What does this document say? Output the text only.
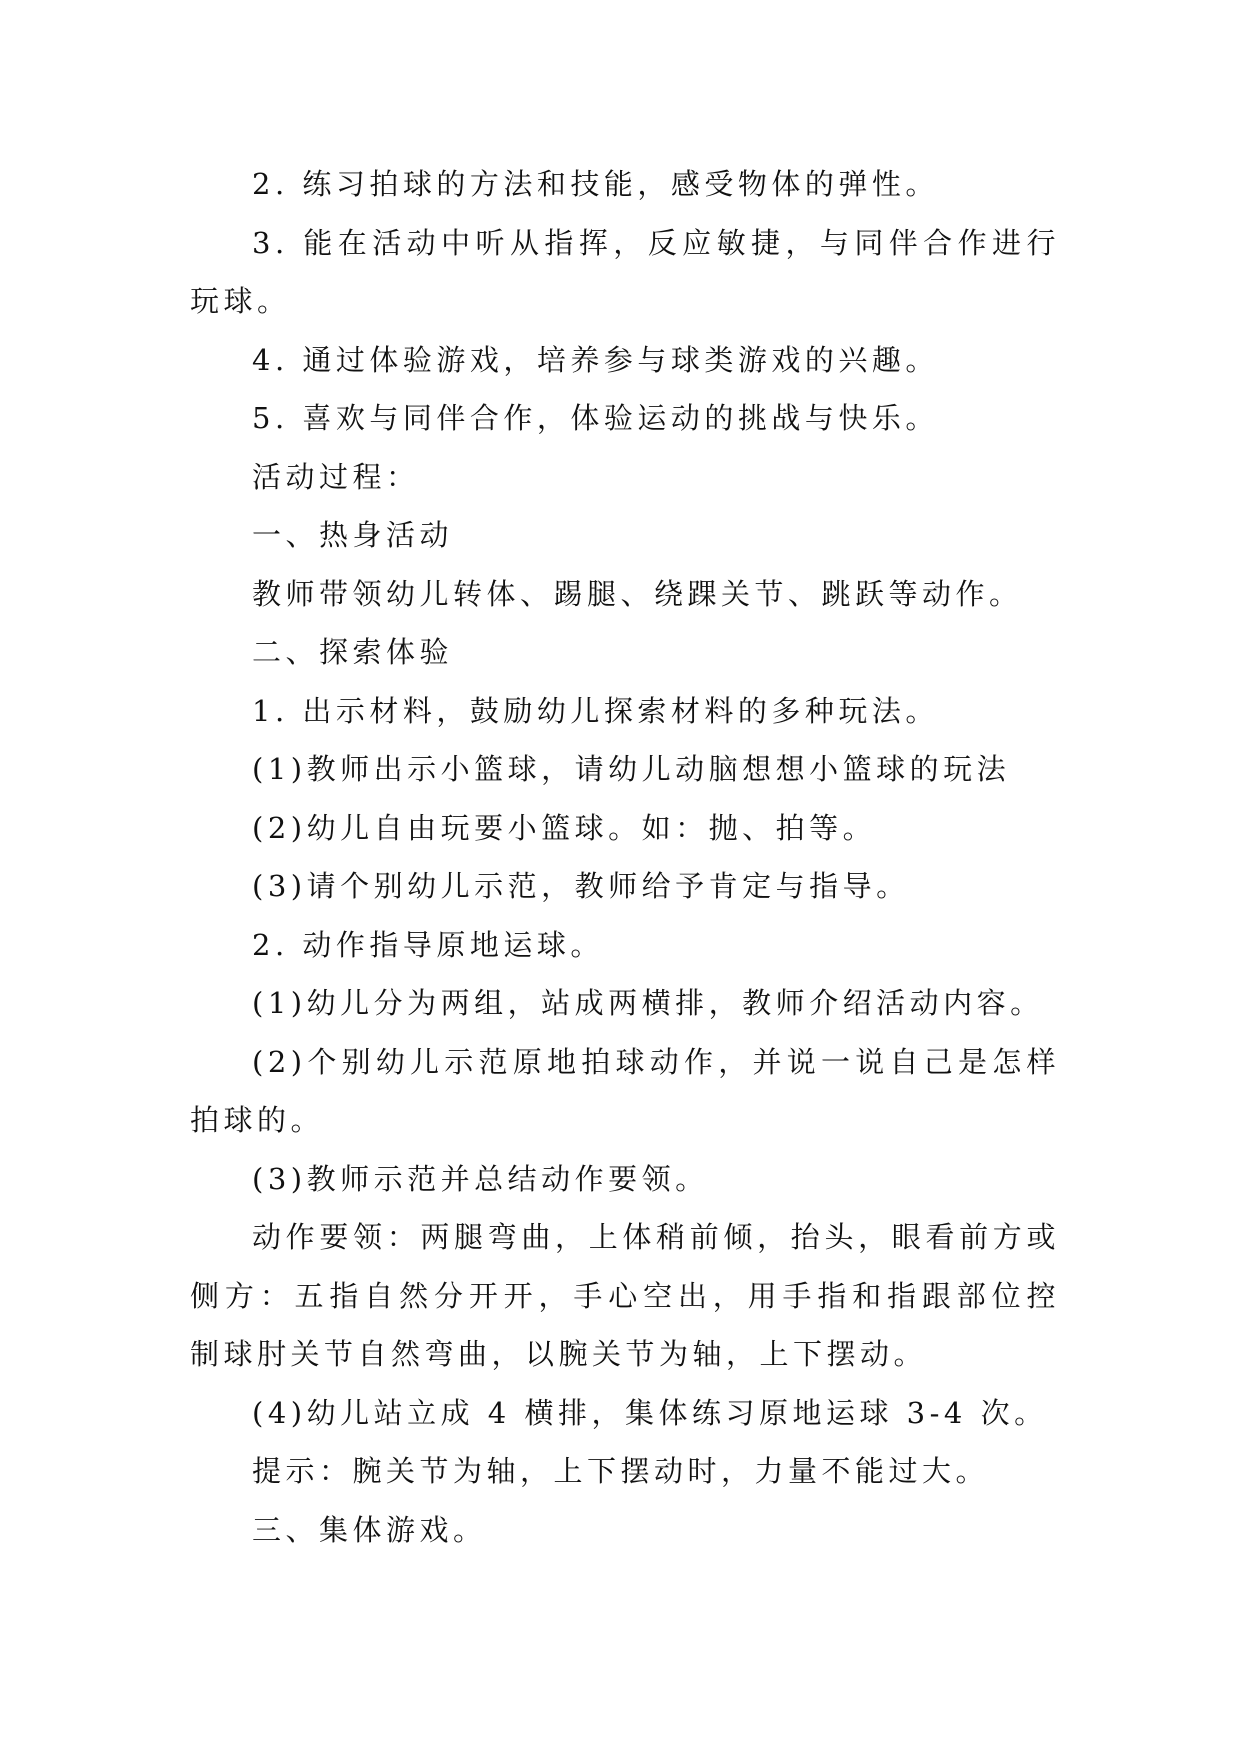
2. 练习拍球的方法和技能，感受物体的弹性。

3. 能在活动中听从指挥，反应敏捷，与同伴合作进行玩球。

4. 通过体验游戏，培养参与球类游戏的兴趣。

5. 喜欢与同伴合作，体验运动的挑战与快乐。

活动过程：

一、热身活动

教师带领幼儿转体、踢腿、绕踝关节、跳跃等动作。

二、探索体验

1. 出示材料，鼓励幼儿探索材料的多种玩法。

(1)教师出示小篮球，请幼儿动脑想想小篮球的玩法

(2)幼儿自由玩要小篮球。如：抛、拍等。

(3)请个别幼儿示范，教师给予肯定与指导。

2. 动作指导原地运球。

(1)幼儿分为两组，站成两横排，教师介绍活动内容。

(2)个别幼儿示范原地拍球动作，并说一说自己是怎样拍球的。

(3)教师示范并总结动作要领。

动作要领：两腿弯曲，上体稍前倾，抬头，眼看前方或侧方：五指自然分开开，手心空出，用手指和指跟部位控制球肘关节自然弯曲，以腕关节为轴，上下摆动。

(4)幼儿站立成 4 横排，集体练习原地运球 3-4 次。

提示：腕关节为轴，上下摆动时，力量不能过大。

三、集体游戏。
